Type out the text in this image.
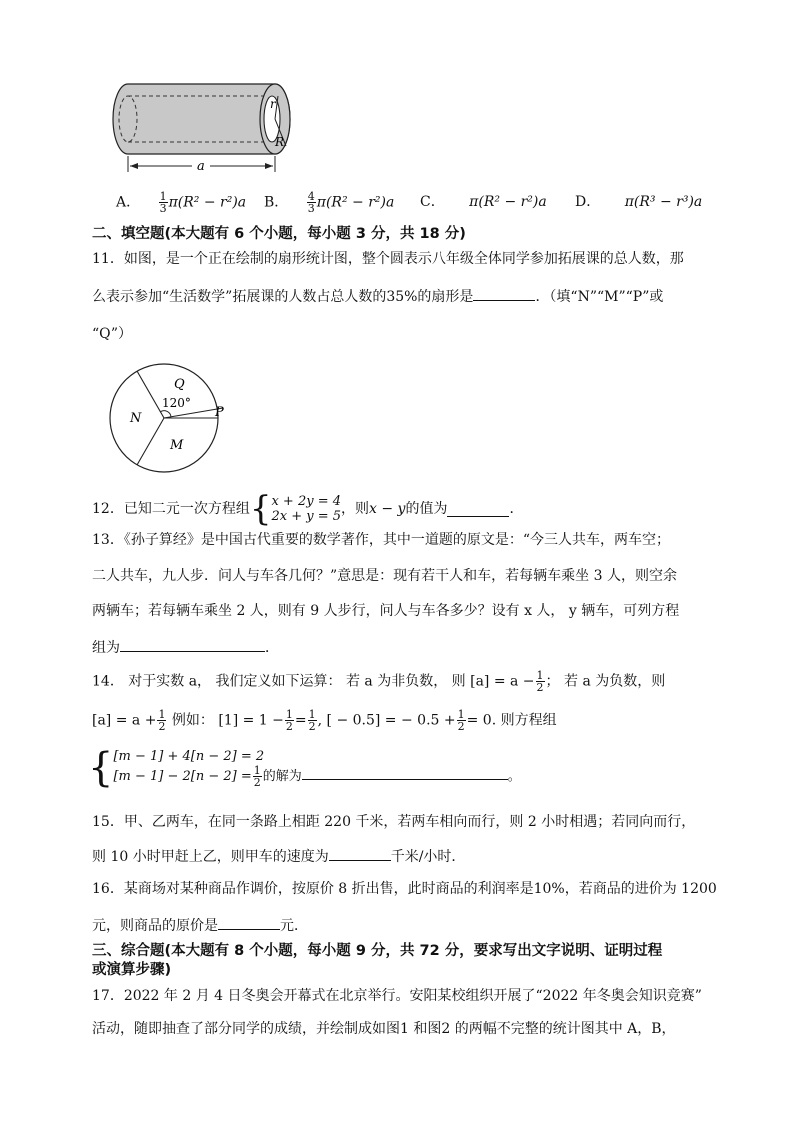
r
R
a
A． $\frac{1}{3} \pi(R^2 - r^2)a$ B． $\frac{4}{3} \pi(R^2 - r^2)a$ C． π(R² − r²)a D． π(R³ − r³)a
二、填空题(本大题有 6 个小题，每小题 3 分，共 18 分)
11．如图，是一个正在绘制的扇形统计图，整个圆表示八年级全体同学参加拓展课的总人数，那
么表示参加“生活数学”拓展课的人数占总人数的35%的扇形是	．（填“N”“M”“P”或
“Q”）
Q
120°
N	P
M
12．已知二元一次方程组{ x + 2y = 4
2x + y = 5 ，则x − y的值为	．
13．《孙子算经》是中国古代重要的数学著作，其中一道题的原文是：“今三人共车，两车空；
二人共车，九人步．问人与车各几何？”意思是：现有若干人和车，若每辆车乘坐 3 人，则空余
两辆车；若每辆车乘坐 2 人，则有 9 人步行，问人与车各多少？设有 x 人， y 辆车，可列方程
组为	．
14． 对于实数 a， 我们定义如下运算： 若 a 为非负数， 则 $[a] = a - \frac{1}{2}$ ； 若 a 为负数，则
$[a] = a + \frac{1}{2}$ 例如： $[1] = 1 - \frac{1}{2} = \frac{1}{2}$ , [ − 0.5] = − $0.5 + \frac{1}{2} = 0$. 则方程组
{ [m − 1] + 4[n − 2] = 2
$[m - 1] - 2[n - 2] = \frac{1}{2}$ 的解为	。
15．甲、乙两车，在同一条路上相距 220 千米，若两车相向而行，则 2 小时相遇；若同向而行，
则 10 小时甲赶上乙，则甲车的速度为	千米/小时．
16．某商场对某种商品作调价，按原价 8 折出售，此时商品的利润率是10%，若商品的进价为 1200
元，则商品的原价是	元．
三、综合题(本大题有 8 个小题，每小题 9 分，共 72 分，要求写出文字说明、证明过程
或演算步骤)
17．2022 年 2 月 4 日冬奥会开幕式在北京举行。安阳某校组织开展了“2022 年冬奥会知识竞赛”
活动，随即抽查了部分同学的成绩，并绘制成如图1 和图2 的两幅不完整的统计图其中 A，B，
